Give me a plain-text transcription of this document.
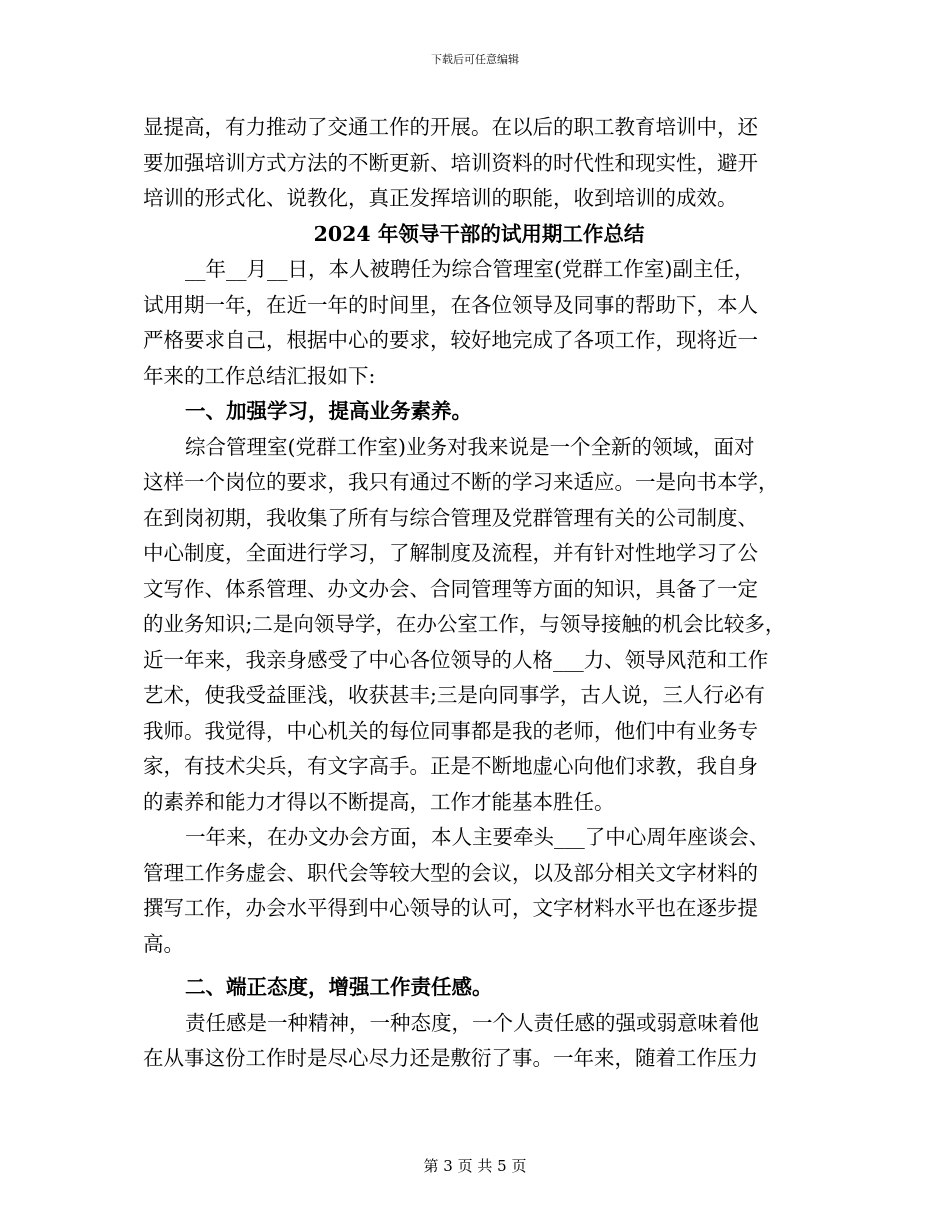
下载后可任意编辑
显提高，有力推动了交通工作的开展。在以后的职工教育培训中，还
要加强培训方式方法的不断更新、培训资料的时代性和现实性，避开
培训的形式化、说教化，真正发挥培训的职能，收到培训的成效。
2024 年领导干部的试用期工作总结
__年__月__日，本人被聘任为综合管理室(党群工作室)副主任，
试用期一年，在近一年的时间里，在各位领导及同事的帮助下，本人
严格要求自己，根据中心的要求，较好地完成了各项工作，现将近一
年来的工作总结汇报如下:
一、加强学习，提高业务素养。
综合管理室(党群工作室)业务对我来说是一个全新的领域，面对
这样一个岗位的要求，我只有通过不断的学习来适应。一是向书本学，
在到岗初期，我收集了所有与综合管理及党群管理有关的公司制度、
中心制度，全面进行学习，了解制度及流程，并有针对性地学习了公
文写作、体系管理、办文办会、合同管理等方面的知识，具备了一定
的业务知识;二是向领导学，在办公室工作，与领导接触的机会比较多，
近一年来，我亲身感受了中心各位领导的人格___力、领导风范和工作
艺术，使我受益匪浅，收获甚丰;三是向同事学，古人说，三人行必有
我师。我觉得，中心机关的每位同事都是我的老师，他们中有业务专
家，有技术尖兵，有文字高手。正是不断地虚心向他们求教，我自身
的素养和能力才得以不断提高，工作才能基本胜任。
一年来，在办文办会方面，本人主要牵头___了中心周年座谈会、
管理工作务虚会、职代会等较大型的会议，以及部分相关文字材料的
撰写工作，办会水平得到中心领导的认可，文字材料水平也在逐步提
高。
二、端正态度，增强工作责任感。
责任感是一种精神，一种态度，一个人责任感的强或弱意味着他
在从事这份工作时是尽心尽力还是敷衍了事。一年来，随着工作压力
第 3 页 共 5 页
